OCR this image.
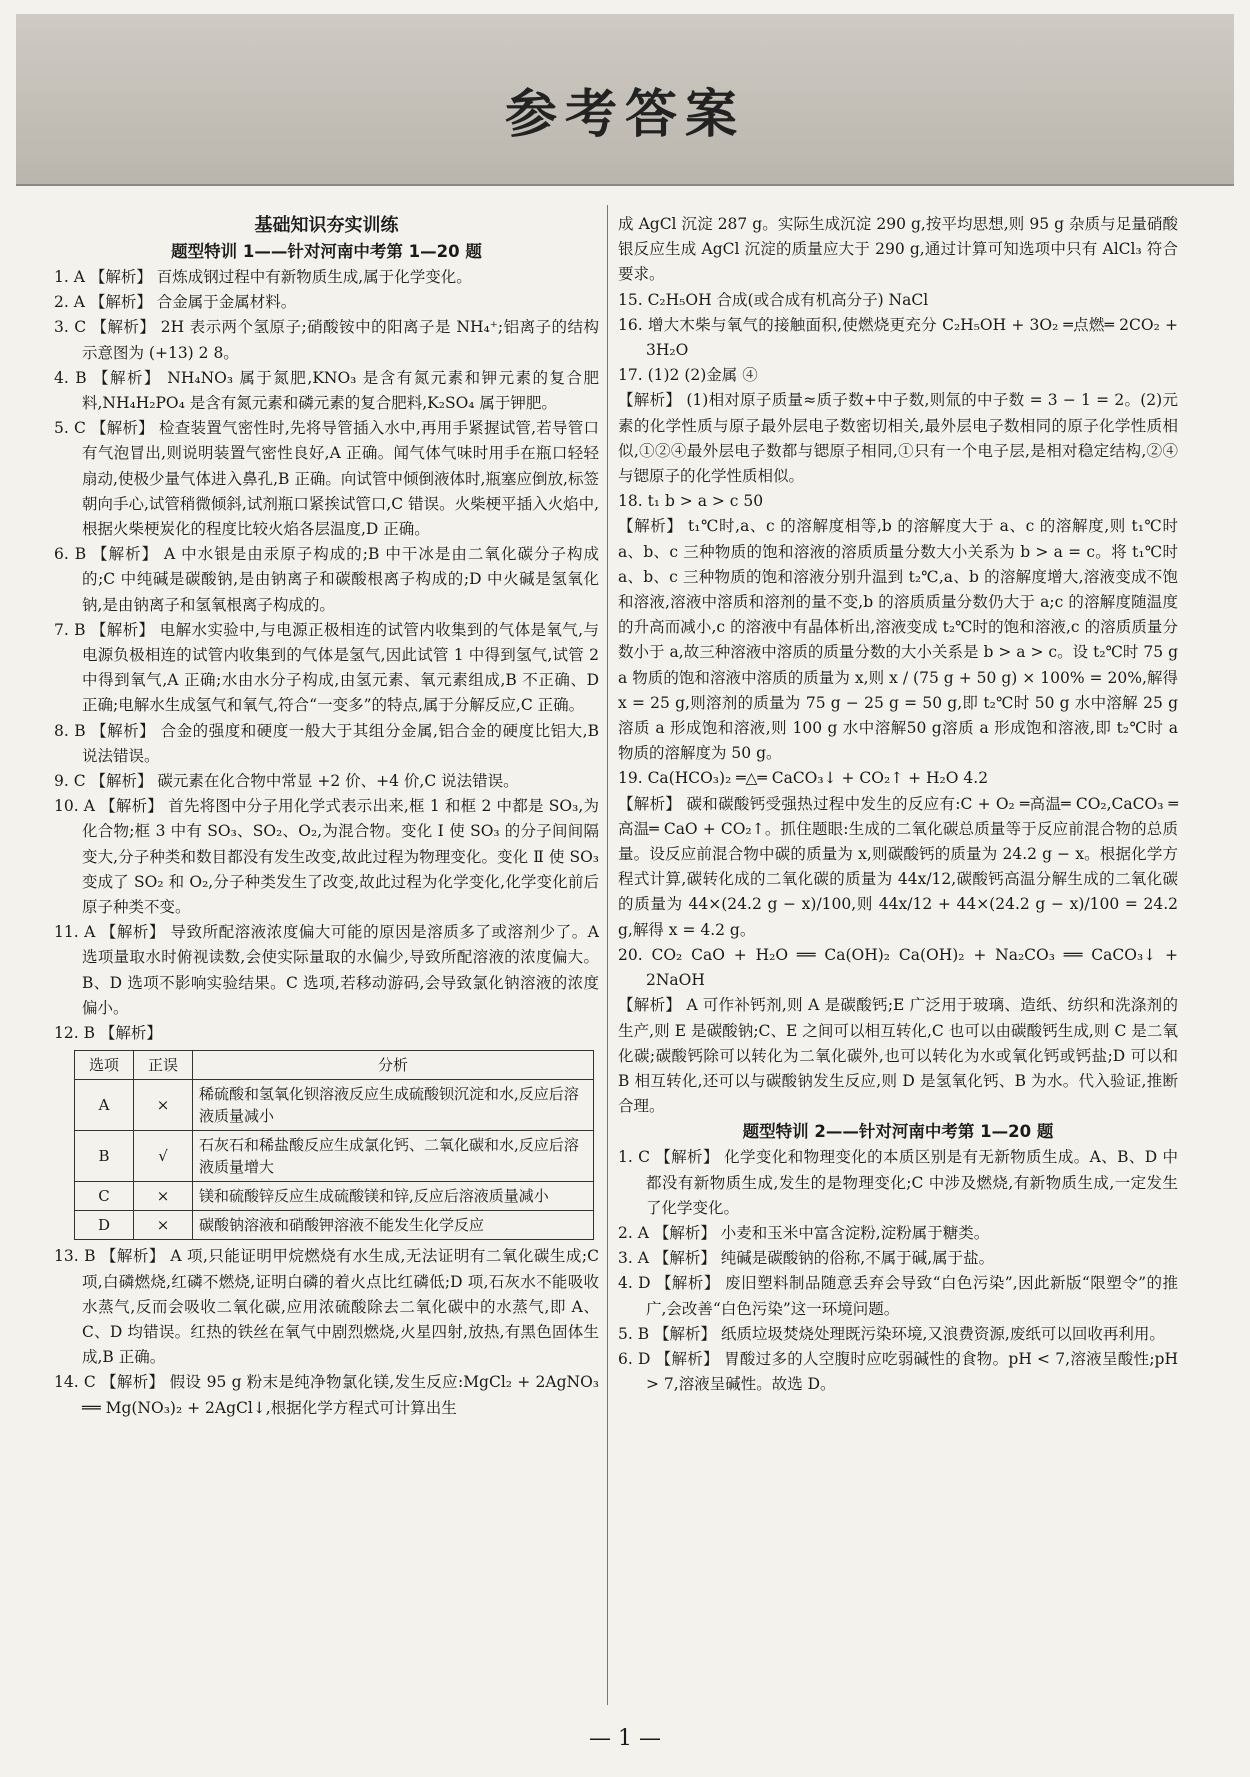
参考答案
基础知识夯实训练
题型特训 1——针对河南中考第 1—20 题

1. A 【解析】 百炼成钢过程中有新物质生成,属于化学变化。

2. A 【解析】 合金属于金属材料。

3. C 【解析】 2H 表示两个氢原子;硝酸铵中的阳离子是 NH₄⁺;铝离子的结构示意图为 (+13) 2 8。

4. B 【解析】 NH₄NO₃ 属于氮肥,KNO₃ 是含有氮元素和钾元素的复合肥料,NH₄H₂PO₄ 是含有氮元素和磷元素的复合肥料,K₂SO₄ 属于钾肥。

5. C 【解析】 检查装置气密性时,先将导管插入水中,再用手紧握试管,若导管口有气泡冒出,则说明装置气密性良好,A 正确。闻气体气味时用手在瓶口轻轻扇动,使极少量气体进入鼻孔,B 正确。向试管中倾倒液体时,瓶塞应倒放,标签朝向手心,试管稍微倾斜,试剂瓶口紧挨试管口,C 错误。火柴梗平插入火焰中,根据火柴梗炭化的程度比较火焰各层温度,D 正确。

6. B 【解析】 A 中水银是由汞原子构成的;B 中干冰是由二氧化碳分子构成的;C 中纯碱是碳酸钠,是由钠离子和碳酸根离子构成的;D 中火碱是氢氧化钠,是由钠离子和氢氧根离子构成的。

7. B 【解析】 电解水实验中,与电源正极相连的试管内收集到的气体是氧气,与电源负极相连的试管内收集到的气体是氢气,因此试管 1 中得到氢气,试管 2 中得到氧气,A 正确;水由水分子构成,由氢元素、氧元素组成,B 不正确、D 正确;电解水生成氢气和氧气,符合“一变多”的特点,属于分解反应,C 正确。

8. B 【解析】 合金的强度和硬度一般大于其组分金属,铝合金的硬度比铝大,B 说法错误。

9. C 【解析】 碳元素在化合物中常显 +2 价、+4 价,C 说法错误。

10. A 【解析】 首先将图中分子用化学式表示出来,框 1 和框 2 中都是 SO₃,为化合物;框 3 中有 SO₃、SO₂、O₂,为混合物。变化 Ⅰ 使 SO₃ 的分子间间隔变大,分子种类和数目都没有发生改变,故此过程为物理变化。变化 Ⅱ 使 SO₃ 变成了 SO₂ 和 O₂,分子种类发生了改变,故此过程为化学变化,化学变化前后原子种类不变。

11. A 【解析】 导致所配溶液浓度偏大可能的原因是溶质多了或溶剂少了。A 选项量取水时俯视读数,会使实际量取的水偏少,导致所配溶液的浓度偏大。B、D 选项不影响实验结果。C 选项,若移动游码,会导致氯化钠溶液的浓度偏小。

12. B 【解析】

选项	正误	分析
A	×	稀硫酸和氢氧化钡溶液反应生成硫酸钡沉淀和水,反应后溶液质量减小
B	√	石灰石和稀盐酸反应生成氯化钙、二氧化碳和水,反应后溶液质量增大
C	×	镁和硫酸锌反应生成硫酸镁和锌,反应后溶液质量减小
D	×	碳酸钠溶液和硝酸钾溶液不能发生化学反应

13. B 【解析】 A 项,只能证明甲烷燃烧有水生成,无法证明有二氧化碳生成;C 项,白磷燃烧,红磷不燃烧,证明白磷的着火点比红磷低;D 项,石灰水不能吸收水蒸气,反而会吸收二氧化碳,应用浓硫酸除去二氧化碳中的水蒸气,即 A、C、D 均错误。红热的铁丝在氧气中剧烈燃烧,火星四射,放热,有黑色固体生成,B 正确。

14. C 【解析】 假设 95 g 粉末是纯净物氯化镁,发生反应:MgCl₂ + 2AgNO₃ ══ Mg(NO₃)₂ + 2AgCl↓,根据化学方程式可计算出生

成 AgCl 沉淀 287 g。实际生成沉淀 290 g,按平均思想,则 95 g 杂质与足量硝酸银反应生成 AgCl 沉淀的质量应大于 290 g,通过计算可知选项中只有 AlCl₃ 符合要求。

15. C₂H₅OH 合成(或合成有机高分子) NaCl

16. 增大木柴与氧气的接触面积,使燃烧更充分 C₂H₅OH + 3O₂ ═点燃═ 2CO₂ + 3H₂O

17. (1)2 (2)金属 ④

【解析】 (1)相对原子质量≈质子数+中子数,则氚的中子数 = 3 − 1 = 2。(2)元素的化学性质与原子最外层电子数密切相关,最外层电子数相同的原子化学性质相似,①②④最外层电子数都与锶原子相同,①只有一个电子层,是相对稳定结构,②④与锶原子的化学性质相似。

18. t₁ b > a > c 50

【解析】 t₁℃时,a、c 的溶解度相等,b 的溶解度大于 a、c 的溶解度,则 t₁℃时 a、b、c 三种物质的饱和溶液的溶质质量分数大小关系为 b > a = c。将 t₁℃时 a、b、c 三种物质的饱和溶液分别升温到 t₂℃,a、b 的溶解度增大,溶液变成不饱和溶液,溶液中溶质和溶剂的量不变,b 的溶质质量分数仍大于 a;c 的溶解度随温度的升高而减小,c 的溶液中有晶体析出,溶液变成 t₂℃时的饱和溶液,c 的溶质质量分数小于 a,故三种溶液中溶质的质量分数的大小关系是 b > a > c。设 t₂℃时 75 g a 物质的饱和溶液中溶质的质量为 x,则 x / (75 g + 50 g) × 100% = 20%,解得 x = 25 g,则溶剂的质量为 75 g − 25 g = 50 g,即 t₂℃时 50 g 水中溶解 25 g 溶质 a 形成饱和溶液,则 100 g 水中溶解50 g溶质 a 形成饱和溶液,即 t₂℃时 a 物质的溶解度为 50 g。

19. Ca(HCO₃)₂ ═△═ CaCO₃↓ + CO₂↑ + H₂O 4.2

【解析】 碳和碳酸钙受强热过程中发生的反应有:C + O₂ ═高温═ CO₂,CaCO₃ ═高温═ CaO + CO₂↑。抓住题眼:生成的二氧化碳总质量等于反应前混合物的总质量。设反应前混合物中碳的质量为 x,则碳酸钙的质量为 24.2 g − x。根据化学方程式计算,碳转化成的二氧化碳的质量为 44x/12,碳酸钙高温分解生成的二氧化碳的质量为 44×(24.2 g − x)/100,则 44x/12 + 44×(24.2 g − x)/100 = 24.2 g,解得 x = 4.2 g。

20. CO₂ CaO + H₂O ══ Ca(OH)₂ Ca(OH)₂ + Na₂CO₃ ══ CaCO₃↓ + 2NaOH

【解析】 A 可作补钙剂,则 A 是碳酸钙;E 广泛用于玻璃、造纸、纺织和洗涤剂的生产,则 E 是碳酸钠;C、E 之间可以相互转化,C 也可以由碳酸钙生成,则 C 是二氧化碳;碳酸钙除可以转化为二氧化碳外,也可以转化为水或氧化钙或钙盐;D 可以和 B 相互转化,还可以与碳酸钠发生反应,则 D 是氢氧化钙、B 为水。代入验证,推断合理。

题型特训 2——针对河南中考第 1—20 题

1. C 【解析】 化学变化和物理变化的本质区别是有无新物质生成。A、B、D 中都没有新物质生成,发生的是物理变化;C 中涉及燃烧,有新物质生成,一定发生了化学变化。

2. A 【解析】 小麦和玉米中富含淀粉,淀粉属于糖类。

3. A 【解析】 纯碱是碳酸钠的俗称,不属于碱,属于盐。

4. D 【解析】 废旧塑料制品随意丢弃会导致“白色污染”,因此新版“限塑令”的推广,会改善“白色污染”这一环境问题。

5. B 【解析】 纸质垃圾焚烧处理既污染环境,又浪费资源,废纸可以回收再利用。

6. D 【解析】 胃酸过多的人空腹时应吃弱碱性的食物。pH < 7,溶液呈酸性;pH > 7,溶液呈碱性。故选 D。

— 1 —
